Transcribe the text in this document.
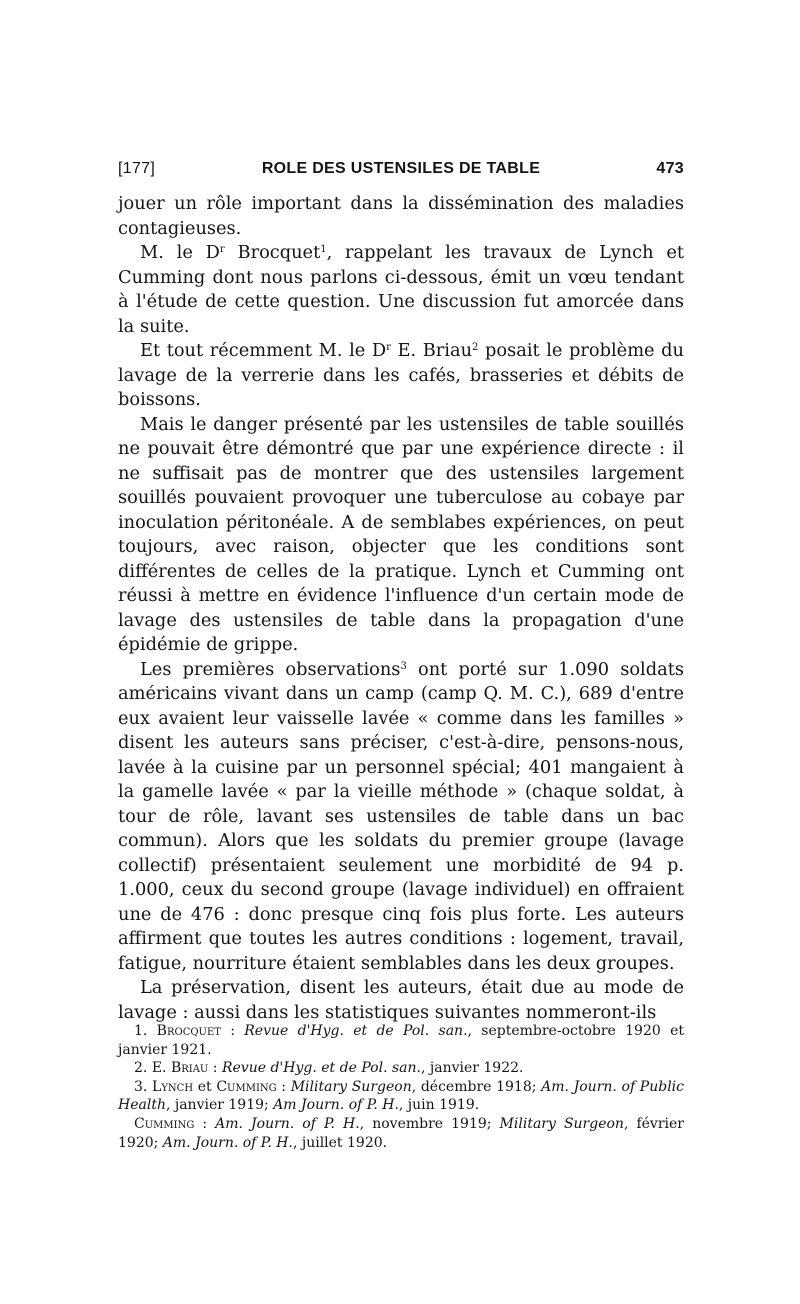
[177]	ROLE DES USTENSILES DE TABLE	473

jouer un rôle important dans la dissémination des maladies contagieuses.

M. le $D^r$ Brocquet$^1$, rappelant les travaux de Lynch et Cumming dont nous parlons ci-dessous, émit un vœu tendant à l'étude de cette question. Une discussion fut amorcée dans la suite.

Et tout récemment M. le $D^r$ E. Briau$^2$ posait le problème du lavage de la verrerie dans les cafés, brasseries et débits de boissons.

Mais le danger présenté par les ustensiles de table souillés ne pouvait être démontré que par une expérience directe : il ne suffisait pas de montrer que des ustensiles largement souillés pouvaient provoquer une tuberculose au cobaye par inoculation péritonéale. A de semblabes expériences, on peut toujours, avec raison, objecter que les conditions sont différentes de celles de la pratique. Lynch et Cumming ont réussi à mettre en évidence l'influence d'un certain mode de lavage des ustensiles de table dans la propagation d'une épidémie de grippe.

Les premières observations$^3$ ont porté sur 1.090 soldats américains vivant dans un camp (camp Q. M. C.), 689 d'entre eux avaient leur vaisselle lavée « comme dans les familles » disent les auteurs sans préciser, c'est-à-dire, pensons-nous, lavée à la cuisine par un personnel spécial; 401 mangaient à la gamelle lavée « par la vieille méthode » (chaque soldat, à tour de rôle, lavant ses ustensiles de table dans un bac commun). Alors que les soldats du premier groupe (lavage collectif) présentaient seulement une morbidité de 94 p. 1.000, ceux du second groupe (lavage individuel) en offraient une de 476 : donc presque cinq fois plus forte. Les auteurs affirment que toutes les autres conditions : logement, travail, fatigue, nourriture étaient semblables dans les deux groupes.

La préservation, disent les auteurs, était due au mode de lavage : aussi dans les statistiques suivantes nommeront-ils

1. Brocquet : Revue d'Hyg. et de Pol. san., septembre-octobre 1920 et janvier 1921.

2. E. Briau : Revue d'Hyg. et de Pol. san., janvier 1922.

3. Lynch et Cumming : Military Surgeon, décembre 1918; Am. Journ. of Public Health, janvier 1919; Am Journ. of P. H., juin 1919.

Cumming : Am. Journ. of P. H., novembre 1919; Military Surgeon, février 1920; Am. Journ. of P. H., juillet 1920.
